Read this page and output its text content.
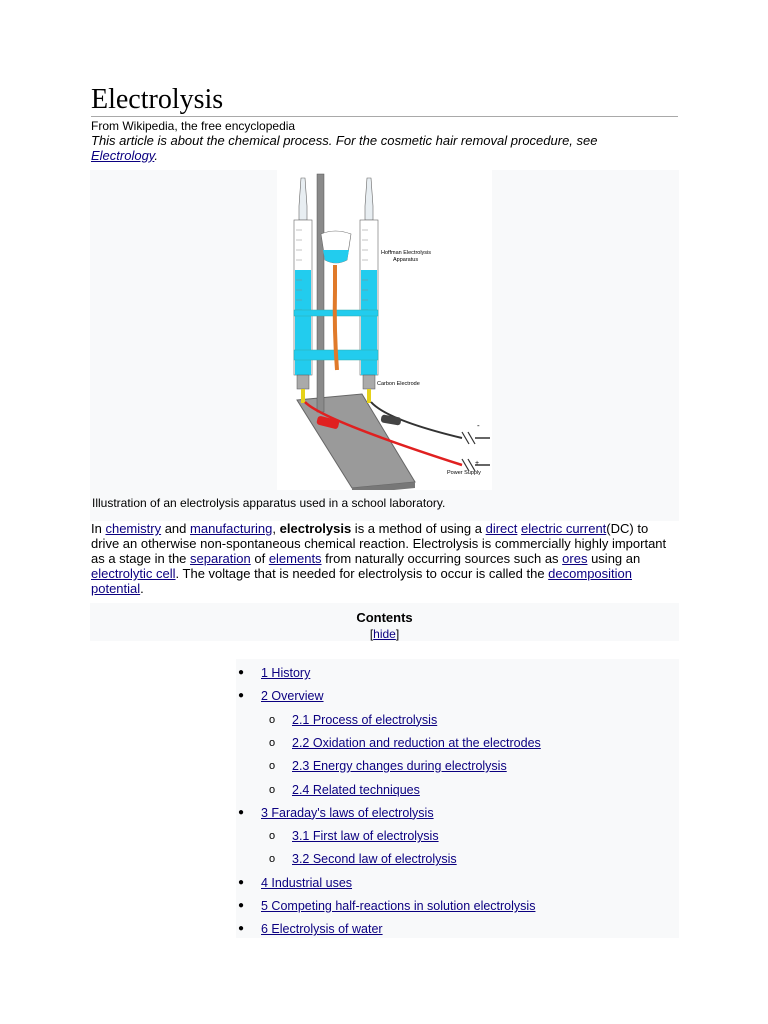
Electrolysis
From Wikipedia, the free encyclopedia
This article is about the chemical process. For the cosmetic hair removal procedure, see Electrology.
Hoffman Electrolysis
Apparatus
Carbon Electrode
Power Supply
-
+
Illustration of an electrolysis apparatus used in a school laboratory.

In chemistry and manufacturing, electrolysis is a method of using a direct electric current(DC) to drive an otherwise non-spontaneous chemical reaction. Electrolysis is commercially highly important as a stage in the separation of elements from naturally occurring sources such as ores using an electrolytic cell. The voltage that is needed for electrolysis to occur is called the decomposition potential.

Contents
[hide]
● 1 History
● 2 Overview
o 2.1 Process of electrolysis
o 2.2 Oxidation and reduction at the electrodes
o 2.3 Energy changes during electrolysis
o 2.4 Related techniques
● 3 Faraday's laws of electrolysis
o 3.1 First law of electrolysis
o 3.2 Second law of electrolysis
● 4 Industrial uses
● 5 Competing half-reactions in solution electrolysis
● 6 Electrolysis of water
